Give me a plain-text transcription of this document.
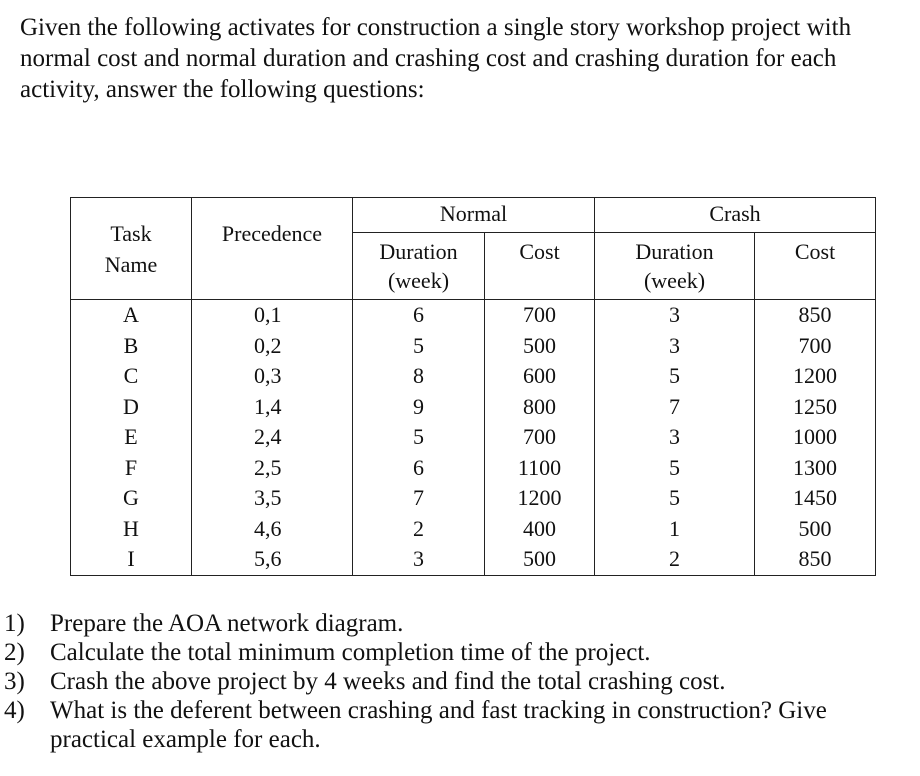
Given the following activates for construction a single story workshop project with normal cost and normal duration and crashing cost and crashing duration for each activity, answer the following questions:

Task Name	Precedence	Normal		Crash	
		Duration (week)	Cost	Duration (week)	Cost
A	0,1	6	700	3	850
B	0,2	5	500	3	700
C	0,3	8	600	5	1200
D	1,4	9	800	7	1250
E	2,4	5	700	3	1000
F	2,5	6	1100	5	1300
G	3,5	7	1200	5	1450
H	4,6	2	400	1	500
I	5,6	3	500	2	850
1)	Prepare the AOA network diagram.
2)	Calculate the total minimum completion time of the project.
3)	Crash the above project by 4 weeks and find the total crashing cost.
4)	What is the deferent between crashing and fast tracking in construction? Give practical example for each.
